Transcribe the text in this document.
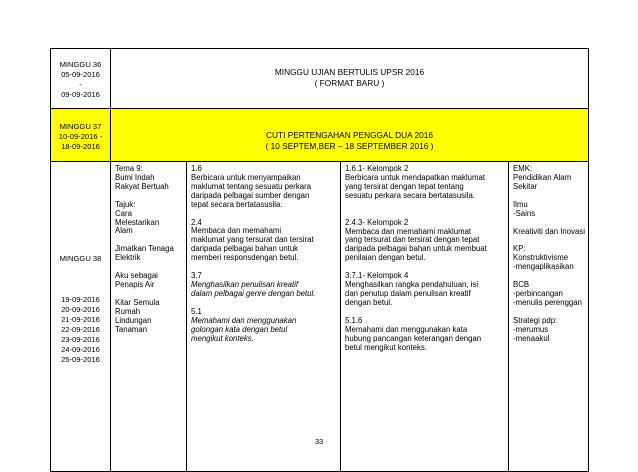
MINGGU 36
05-09-2016
-
09-09-2016
MINGGU UJIAN BERTULIS UPSR 2016
( FORMAT BARU )
MINGGU 37
10-09-2016 -
18-09-2016
CUTI PERTENGAHAN PENGGAL DUA 2016
( 10 SEPTEM,BER – 18 SEPTEMBER 2016 )
MINGGU 38
19-09-2016
20-09-2016
21-09-2016
22-09-2016
23-09-2016
24-09-2016
25-09-2016
Tema 9:
Bumi Indah
Rakyat Bertuah
Tajuk:
Cara
Melestarikan
Alam
Jimatkan Tenaga
Elektrik
Aku sebagai
Penapis Air
Kitar Semula
Rumah
Lindungan
Tanaman
1.6
Berbicara untuk menyampaikan
maklumat tentang sesuatu perkara
daripada pelbagai sumber dengan
tepat secara bertatasusila.
2.4
Membaca dan memahami
maklumat yang tersurat dan tersirat
daripada pelbagai bahan untuk
memberi responsdengan betul.
3.7
Menghasilkan penulisan kreatif
dalam pelbagai genre dengan betul.
5.1
Memahami dan menggunakan
golongan kata dengan betul
mengikut konteks.
1.6.1- Kelompok 2
Berbicara untuk mendapatkan maklumat
yang tersirat dengan tepat tentang
sesuatu perkara secara bertatasusila.
2.4.3- Kelompok 2
Membaca dan memahami maklumat
yang tersurat dan tersirat dengan tepat
daripada pelbagai bahan untuk membuat
penilaian dengan betul.
3.7.1- Kelompok 4
Menghasilkan rangka pendahuluan, isi
dan penutup dalam penulisan kreatif
dengan betul.
5.1.6
Memahami dan menggunakan kata
hubung pancangan keterangan dengan
betul mengikut konteks.
EMK:
Pendidikan Alam
Sekitar
Ilmu
-Sains
Kreativiti dan Inovasi
KP:
Konstruktivisme
-mengaplikasikan
BCB
-perbincangan
-menulis perenggan
Strategi pdp:
-merumus
-menaakul
33
